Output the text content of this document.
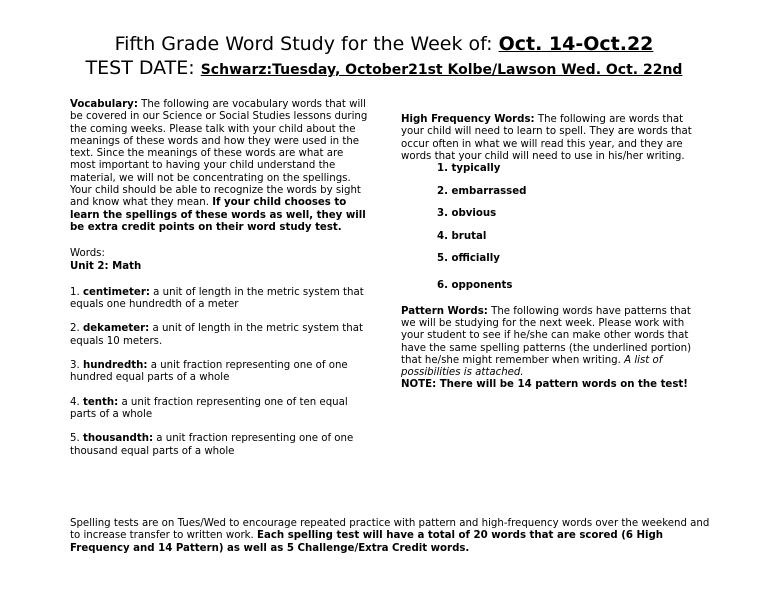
Fifth Grade Word Study for the Week of: Oct. 14-Oct.22
TEST DATE: Schwarz:Tuesday, October21st Kolbe/Lawson Wed. Oct. 22nd

Vocabulary: The following are vocabulary words that will be covered in our Science or Social Studies lessons during the coming weeks. Please talk with your child about the meanings of these words and how they were used in the text. Since the meanings of these words are what are most important to having your child understand the material, we will not be concentrating on the spellings. Your child should be able to recognize the words by sight and know what they mean. If your child chooses to learn the spellings of these words as well, they will be extra credit points on their word study test.

Words:

Unit 2: Math

1. centimeter: a unit of length in the metric system that equals one hundredth of a meter

2. dekameter: a unit of length in the metric system that equals 10 meters.

3. hundredth: a unit fraction representing one of one hundred equal parts of a whole

4. tenth: a unit fraction representing one of ten equal parts of a whole

5. thousandth: a unit fraction representing one of one thousand equal parts of a whole

High Frequency Words: The following are words that your child will need to learn to spell. They are words that occur often in what we will read this year, and they are words that your child will need to use in his/her writing.

1. typically
2. embarrassed
3. obvious
4. brutal
5. officially
6. opponents

Pattern Words: The following words have patterns that we will be studying for the next week. Please work with your student to see if he/she can make other words that have the same spelling patterns (the underlined portion) that he/she might remember when writing. A list of possibilities is attached.

NOTE: There will be 14 pattern words on the test!

Spelling tests are on Tues/Wed to encourage repeated practice with pattern and high-frequency words over the weekend and to increase transfer to written work. Each spelling test will have a total of 20 words that are scored (6 High Frequency and 14 Pattern) as well as 5 Challenge/Extra Credit words.
